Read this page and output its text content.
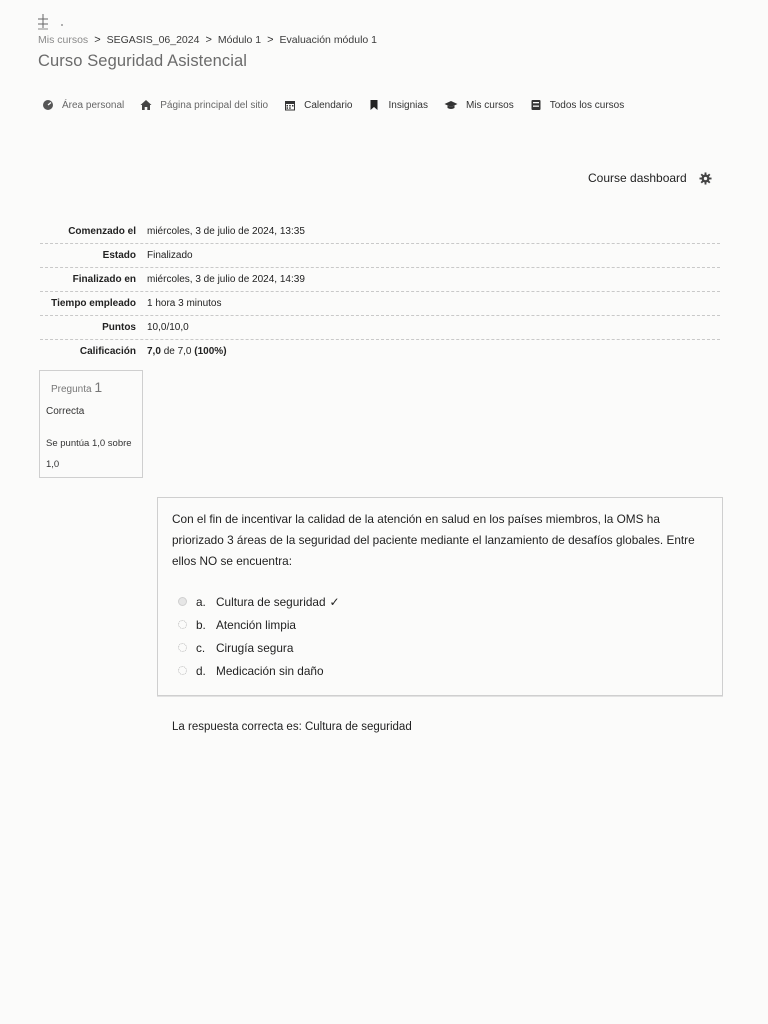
Mis cursos > SEGASIS_06_2024 > Módulo 1 > Evaluación módulo 1
Curso Seguridad Asistencial
Área personal	Página principal del sitio	Calendario	Insignias	Mis cursos	Todos los cursos
Course dashboard
Comenzado el miércoles, 3 de julio de 2024, 13:35
Estado Finalizado
Finalizado en miércoles, 3 de julio de 2024, 14:39
Tiempo empleado 1 hora 3 minutos
Puntos 10,0/10,0
Calificación 7,0 de 7,0 (100%)
Pregunta 1
Correcta
Se puntúa 1,0 sobre 1,0
Con el fin de incentivar la calidad de la atención en salud en los países miembros, la OMS ha priorizado 3 áreas de la seguridad del paciente mediante el lanzamiento de desafíos globales. Entre ellos NO se encuentra:
a. Cultura de seguridad ✓
b. Atención limpia
c. Cirugía segura
d. Medicación sin daño
La respuesta correcta es: Cultura de seguridad
